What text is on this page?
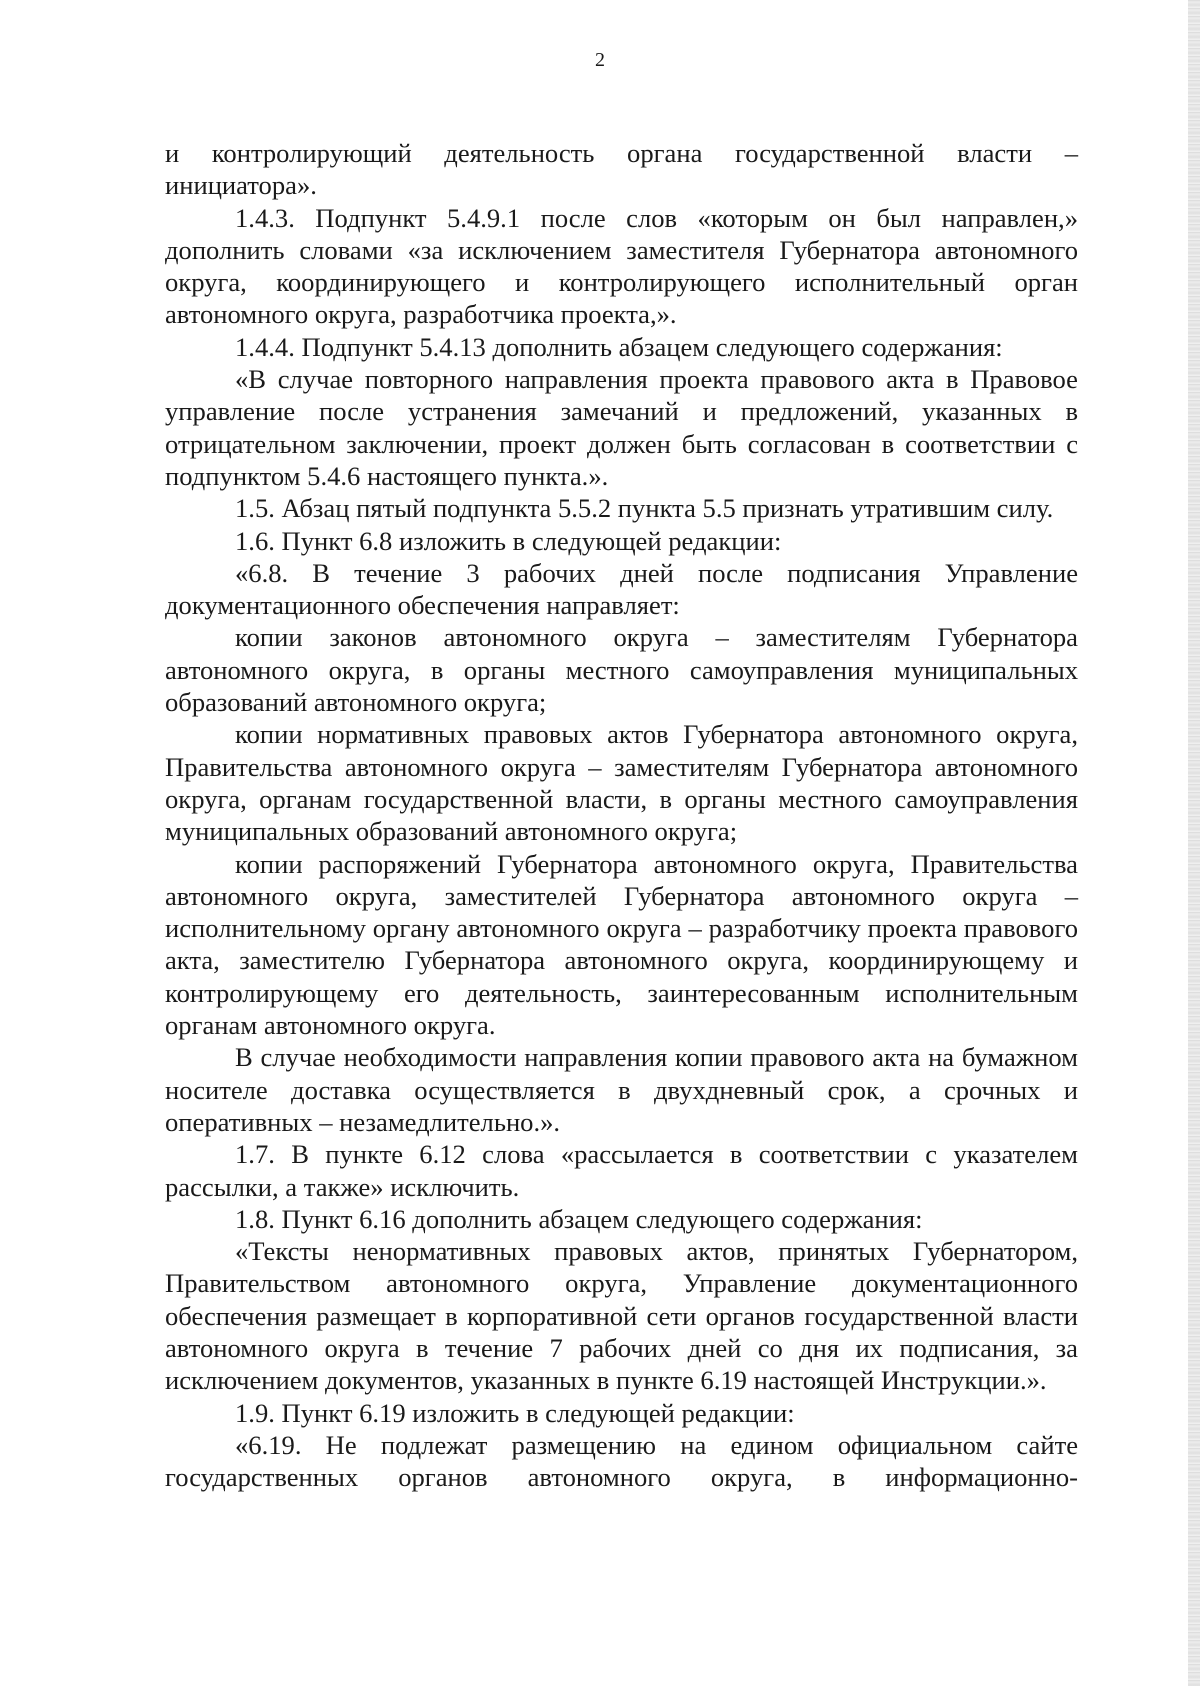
2

и контролирующий деятельность органа государственной власти – инициатора».

1.4.3. Подпункт 5.4.9.1 после слов «которым он был направлен,» дополнить словами «за исключением заместителя Губернатора автономного округа, координирующего и контролирующего исполнительный орган автономного округа, разработчика проекта,».

1.4.4. Подпункт 5.4.13 дополнить абзацем следующего содержания:

«В случае повторного направления проекта правового акта в Правовое управление после устранения замечаний и предложений, указанных в отрицательном заключении, проект должен быть согласован в соответствии с подпунктом 5.4.6 настоящего пункта.».

1.5. Абзац пятый подпункта 5.5.2 пункта 5.5 признать утратившим силу.

1.6. Пункт 6.8 изложить в следующей редакции:

«6.8. В течение 3 рабочих дней после подписания Управление документационного обеспечения направляет:

копии законов автономного округа – заместителям Губернатора автономного округа, в органы местного самоуправления муниципальных образований автономного округа;

копии нормативных правовых актов Губернатора автономного округа, Правительства автономного округа – заместителям Губернатора автономного округа, органам государственной власти, в органы местного самоуправления муниципальных образований автономного округа;

копии распоряжений Губернатора автономного округа, Правительства автономного округа, заместителей Губернатора автономного округа – исполнительному органу автономного округа – разработчику проекта правового акта, заместителю Губернатора автономного округа, координирующему и контролирующему его деятельность, заинтересованным исполнительным органам автономного округа.

В случае необходимости направления копии правового акта на бумажном носителе доставка осуществляется в двухдневный срок, а срочных и оперативных – незамедлительно.».

1.7. В пункте 6.12 слова «рассылается в соответствии с указателем рассылки, а также» исключить.

1.8. Пункт 6.16 дополнить абзацем следующего содержания:

«Тексты ненормативных правовых актов, принятых Губернатором, Правительством автономного округа, Управление документационного обеспечения размещает в корпоративной сети органов государственной власти автономного округа в течение 7 рабочих дней со дня их подписания, за исключением документов, указанных в пункте 6.19 настоящей Инструкции.».

1.9. Пункт 6.19 изложить в следующей редакции:

«6.19. Не подлежат размещению на едином официальном сайте государственных органов автономного округа, в информационно-
